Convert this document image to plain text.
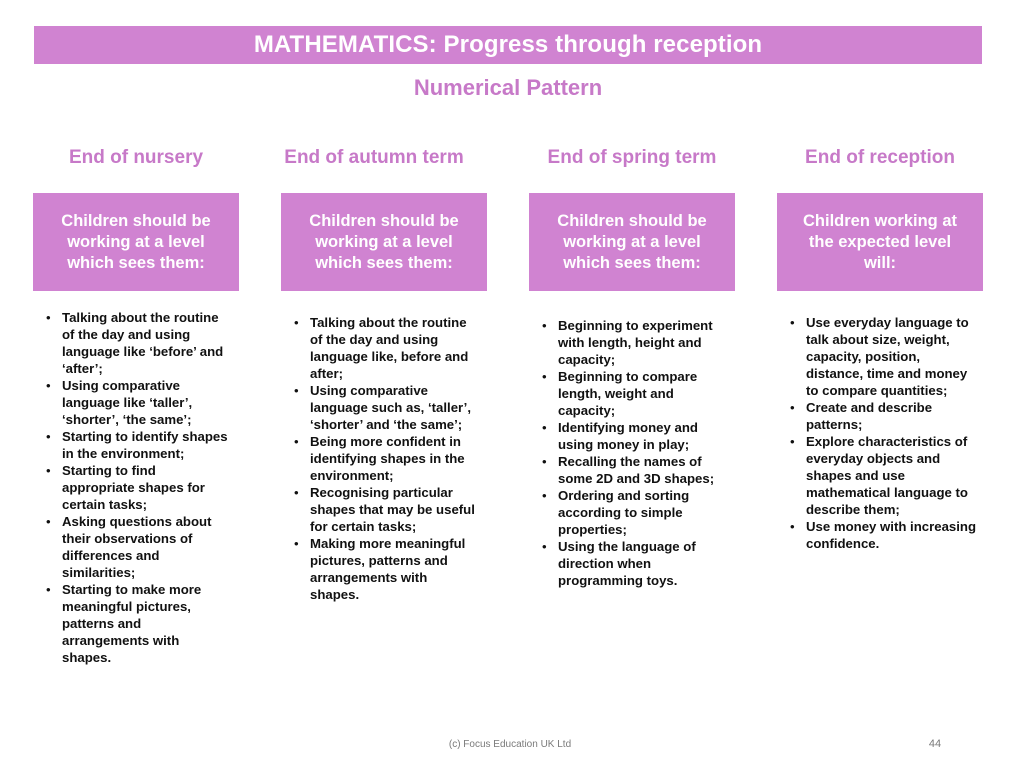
MATHEMATICS: Progress through reception
Numerical Pattern
End of nursery	End of autumn term	End of spring term	End of reception
Children should be working at a level which sees them:
Children should be working at a level which sees them:
Children should be working at a level which sees them:
Children working at the expected level will:
• Talking about the routine of the day and using language like ‘before’ and ‘after’;
• Using comparative language like ‘taller’, ‘shorter’, ‘the same’;
• Starting to identify shapes in the environment;
• Starting to find appropriate shapes for certain tasks;
• Asking questions about their observations of differences and similarities;
• Starting to make more meaningful pictures, patterns and arrangements with shapes.
• Talking about the routine of the day and using language like, before and after;
• Using comparative language such as, ‘taller’, ‘shorter’ and ‘the same’;
• Being more confident in identifying shapes in the environment;
• Recognising particular shapes that may be useful for certain tasks;
• Making more meaningful pictures, patterns and arrangements with shapes.
• Beginning to experiment with length, height and capacity;
• Beginning to compare length, weight and capacity;
• Identifying money and using money in play;
• Recalling the names of some 2D and 3D shapes;
• Ordering and sorting according to simple properties;
• Using the language of direction when programming toys.
• Use everyday language to talk about size, weight, capacity, position, distance, time and money to compare quantities;
• Create and describe patterns;
• Explore characteristics of everyday objects and shapes and use mathematical language to describe them;
• Use money with increasing confidence.
(c) Focus Education UK Ltd	44
